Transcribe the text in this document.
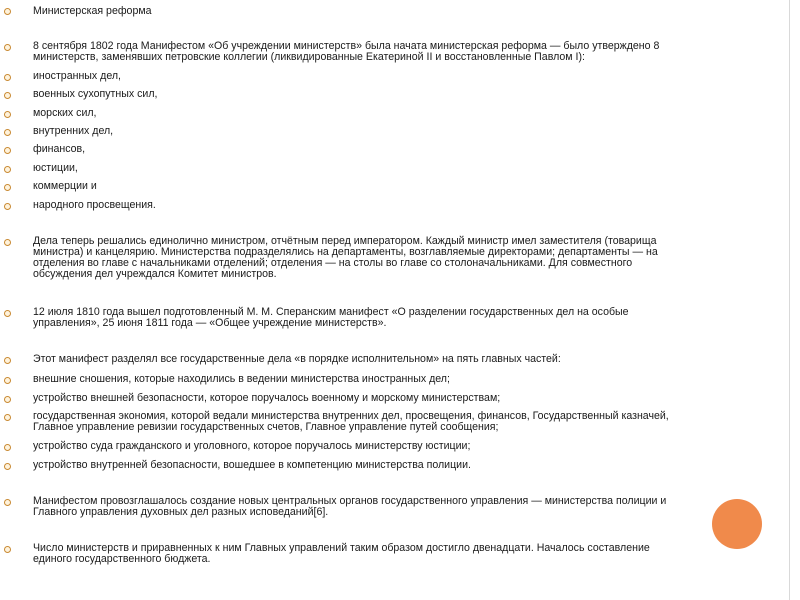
Министерская реформа
8 сентября 1802 года Манифестом «Об учреждении министерств» была начата министерская реформа — было утверждено 8
министерств, заменявших петровские коллегии (ликвидированные Екатериной II и восстановленные Павлом I):
иностранных дел,
военных сухопутных сил,
морских сил,
внутренних дел,
финансов,
юстиции,
коммерции и
народного просвещения.
Дела теперь решались единолично министром, отчётным перед императором. Каждый министр имел заместителя (товарища
министра) и канцелярию. Министерства подразделялись на департаменты, возглавляемые директорами; департаменты — на
отделения во главе с начальниками отделений; отделения — на столы во главе со столоначальниками. Для совместного
обсуждения дел учреждался Комитет министров.
12 июля 1810 года вышел подготовленный М. М. Сперанским манифест «О разделении государственных дел на особые
управления», 25 июня 1811 года — «Общее учреждение министерств».
Этот манифест разделял все государственные дела «в порядке исполнительном» на пять главных частей:
внешние сношения, которые находились в ведении министерства иностранных дел;
устройство внешней безопасности, которое поручалось военному и морскому министерствам;
государственная экономия, которой ведали министерства внутренних дел, просвещения, финансов, Государственный казначей,
Главное управление ревизии государственных счетов, Главное управление путей сообщения;
устройство суда гражданского и уголовного, которое поручалось министерству юстиции;
устройство внутренней безопасности, вошедшее в компетенцию министерства полиции.
Манифестом провозглашалось создание новых центральных органов государственного управления — министерства полиции и
Главного управления духовных дел разных исповеданий[6].
Число министерств и приравненных к ним Главных управлений таким образом достигло двенадцати. Началось составление
единого государственного бюджета.
